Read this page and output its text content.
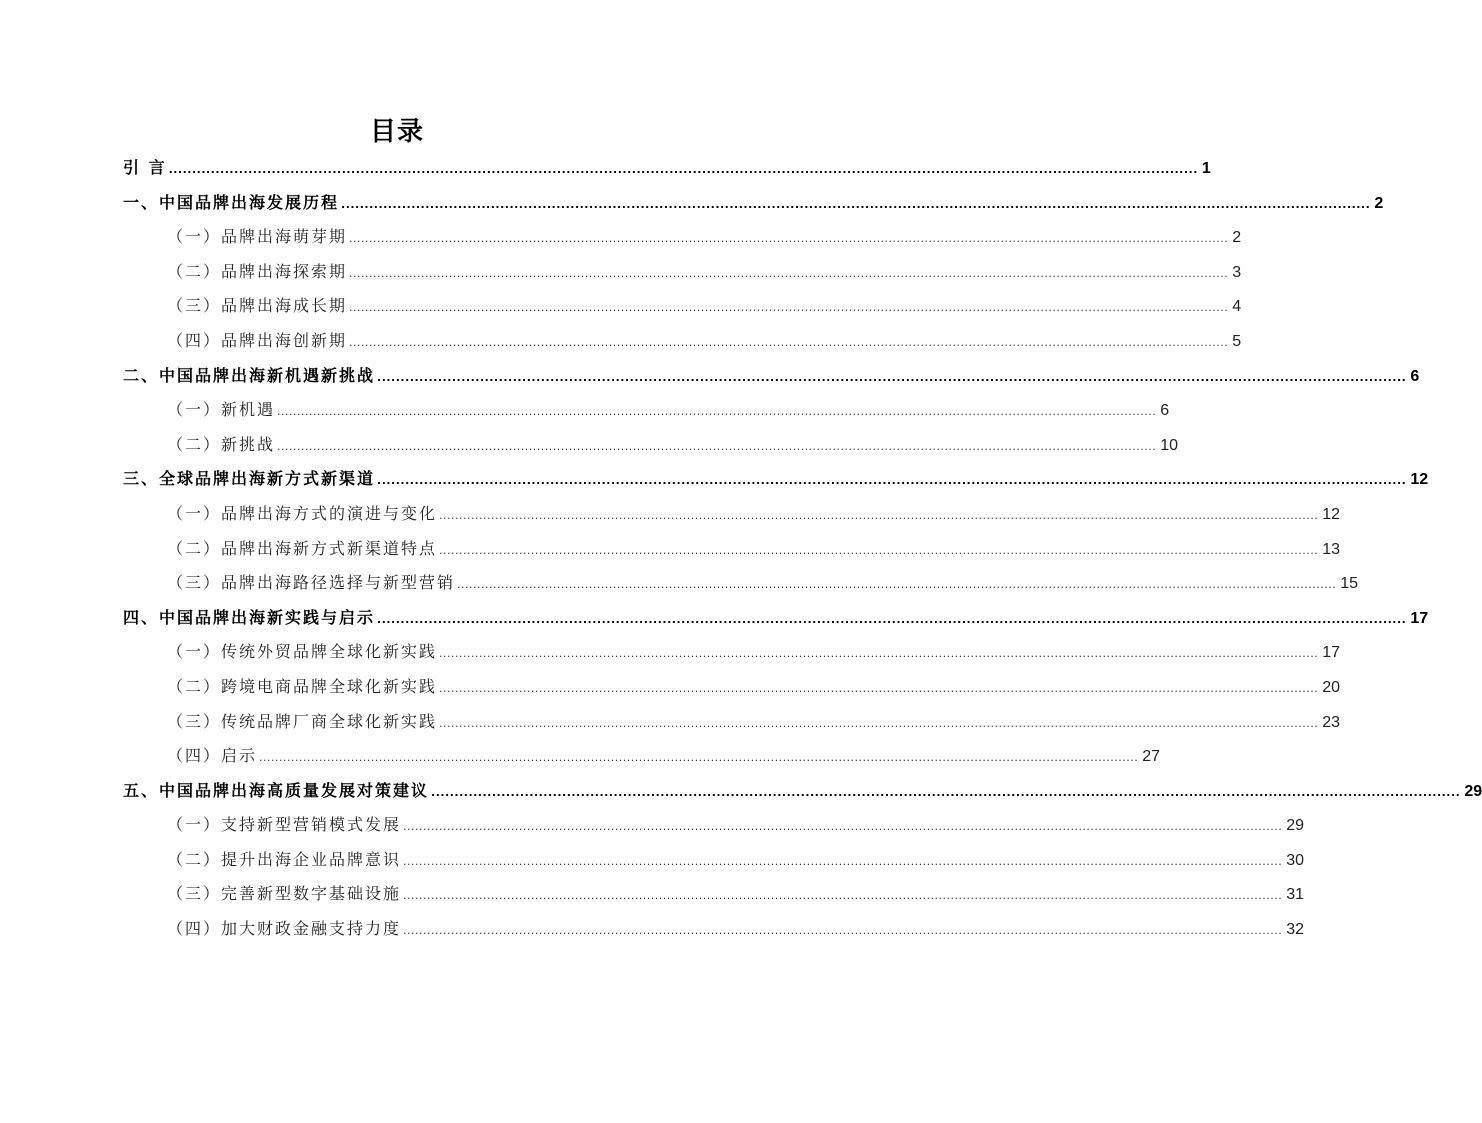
目录
引 言 ............................................................................................................................................................................................................................ 1
一、中国品牌出海发展历程 ............................................................................................................................................................................................................................ 2
（一）品牌出海萌芽期 ............................................................................................................................................................................................................................ 2
（二）品牌出海探索期 ............................................................................................................................................................................................................................ 3
（三）品牌出海成长期 ............................................................................................................................................................................................................................ 4
（四）品牌出海创新期 ............................................................................................................................................................................................................................ 5
二、中国品牌出海新机遇新挑战 ............................................................................................................................................................................................................................ 6
（一）新机遇 ............................................................................................................................................................................................................................ 6
（二）新挑战 ............................................................................................................................................................................................................................ 10
三、全球品牌出海新方式新渠道 ............................................................................................................................................................................................................................ 12
（一）品牌出海方式的演进与变化 ............................................................................................................................................................................................................................ 12
（二）品牌出海新方式新渠道特点 ............................................................................................................................................................................................................................ 13
（三）品牌出海路径选择与新型营销 ............................................................................................................................................................................................................................ 15
四、中国品牌出海新实践与启示 ............................................................................................................................................................................................................................ 17
（一）传统外贸品牌全球化新实践 ............................................................................................................................................................................................................................ 17
（二）跨境电商品牌全球化新实践 ............................................................................................................................................................................................................................ 20
（三）传统品牌厂商全球化新实践 ............................................................................................................................................................................................................................ 23
（四）启示 ............................................................................................................................................................................................................................ 27
五、中国品牌出海高质量发展对策建议 ............................................................................................................................................................................................................................ 29
（一）支持新型营销模式发展 ............................................................................................................................................................................................................................ 29
（二）提升出海企业品牌意识 ............................................................................................................................................................................................................................ 30
（三）完善新型数字基础设施 ............................................................................................................................................................................................................................ 31
（四）加大财政金融支持力度 ............................................................................................................................................................................................................................ 32
